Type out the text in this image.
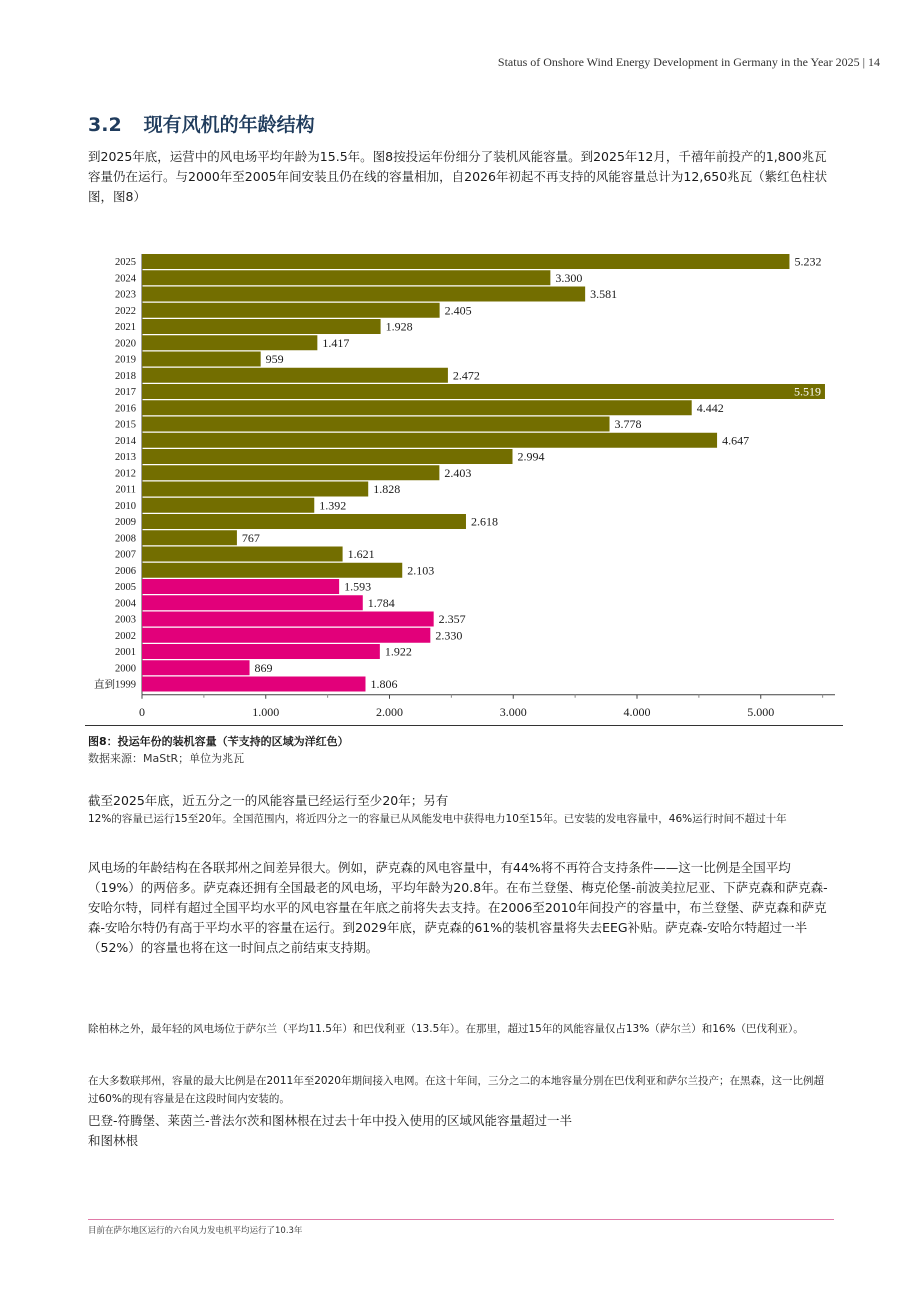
Status of Onshore Wind Energy Development in Germany in the Year 2025 | 14
3.2 现有风机的年龄结构
到2025年底，运营中的风电场平均年龄为15.5年。图8按投运年份细分了装机风能容量。到2025年12月，千禧年前投产的1,800兆瓦容量仍在运行。与2000年至2005年间安装且仍在线的容量相加，自2026年初起不再支持的风能容量总计为12,650兆瓦（紫红色柱状图，图8）
2025	5.232
2024	3.300
2023	3.581
2022	2.405
2021	1.928
2020	1.417
2019	959
2018	2.472
2017	5.519
2016	4.442
2015	3.778
2014	4.647
2013	2.994
2012	2.403
2011	1.828
2010	1.392
2009	2.618
2008	767
2007	1.621
2006	2.103
2005	1.593
2004	1.784
2003	2.357
2002	2.330
2001	1.922
2000	869
直到1999	1.806
0	1.000	2.000	3.000	4.000	5.000
图8：投运年份的装机容量（苄支持的区域为洋红色）
数据来源：MaStR；单位为兆瓦
截至2025年底，近五分之一的风能容量已经运行至少20年；另有
12%的容量已运行15至20年。全国范围内，将近四分之一的容量已从风能发电中获得电力10至15年。已安装的发电容量中，46%运行时间不超过十年
风电场的年龄结构在各联邦州之间差异很大。例如，萨克森的风电容量中，有44%将不再符合支持条件——这一比例是全国平均（19%）的两倍多。萨克森还拥有全国最老的风电场，平均年龄为20.8年。在布兰登堡、梅克伦堡-前波美拉尼亚、下萨克森和萨克森-安哈尔特，同样有超过全国平均水平的风电容量在年底之前将失去支持。在2006至2010年间投产的容量中，布兰登堡、萨克森和萨克森-安哈尔特仍有高于平均水平的容量在运行。到2029年底，萨克森的61%的装机容量将失去EEG补贴。萨克森-安哈尔特超过一半（52%）的容量也将在这一时间点之前结束支持期。
除柏林之外，最年轻的风电场位于萨尔兰（平均11.5年）和巴伐利亚（13.5年）。在那里，超过15年的风能容量仅占13%（萨尔兰）和16%（巴伐利亚）。
在大多数联邦州，容量的最大比例是在2011年至2020年期间接入电网。在这十年间，三分之二的本地容量分别在巴伐利亚和萨尔兰投产；在黑森，这一比例超过60%的现有容量是在这段时间内安装的。
巴登-符腾堡、莱茵兰-普法尔茨和图林根在过去十年中投入使用的区域风能容量超过一半
和图林根
目前在萨尔地区运行的六台风力发电机平均运行了10.3年
